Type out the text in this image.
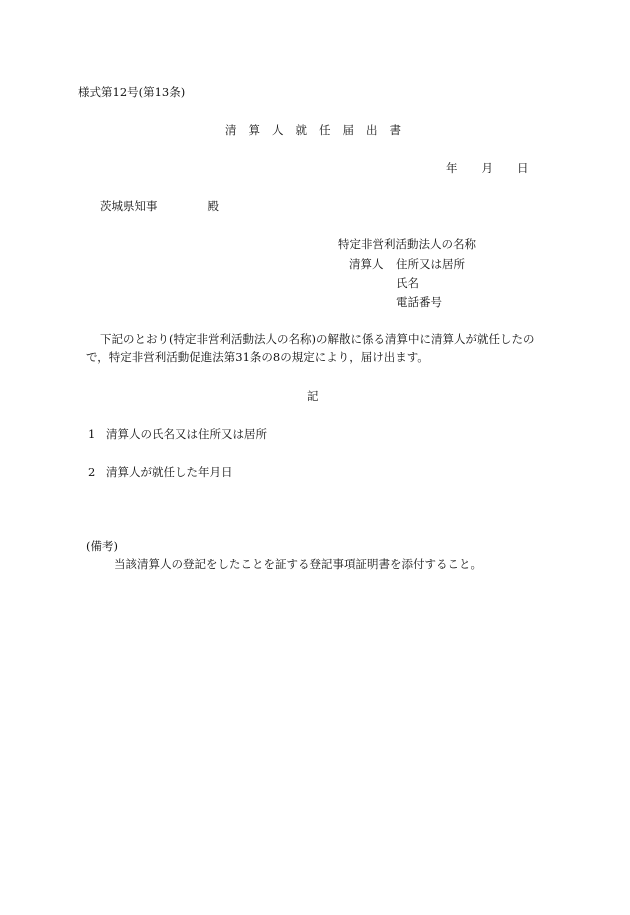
様式第12号(第13条)
清 算 人 就 任 届 出 書
年 月 日
茨城県知事	殿
特定非営利活動法人の名称
清算人 住所又は居所
氏名
電話番号
下記のとおり(特定非営利活動法人の名称)の解散に係る清算中に清算人が就任したの
で，特定非営利活動促進法第31条の8の規定により，届け出ます。
記
1 清算人の氏名又は住所又は居所
2 清算人が就任した年月日
(備考)
当該清算人の登記をしたことを証する登記事項証明書を添付すること。
